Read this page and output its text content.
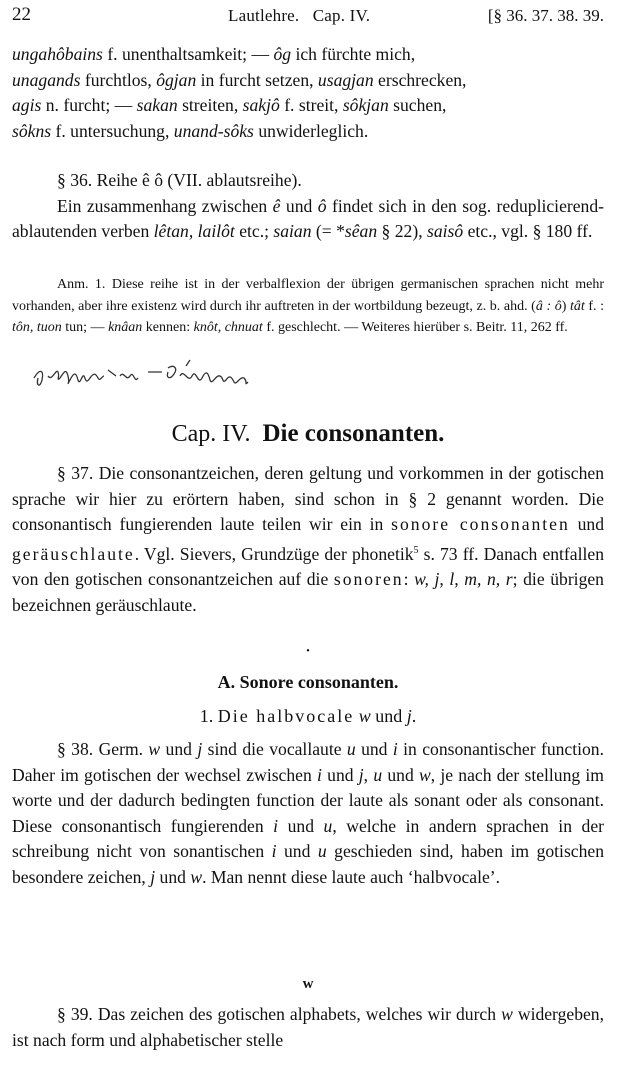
22	Lautlehre.   Cap. IV.	[§ 36. 37. 38. 39.

ungahôbains f. unenthaltsamkeit; — ôg ich fürchte mich,

unagands furchtlos, ôgjan in furcht setzen, usagjan erschrecken,

agis n. furcht; — sakan streiten, sakjô f. streit, sôkjan suchen,

sôkns f. untersuchung, unand-sôks unwiderleglich.

§ 36. Reihe ê ô (VII. ablautsreihe).

Ein zusammenhang zwischen ê und ô findet sich in den sog. reduplicierend-ablautenden verben lêtan, lailôt etc.; saian (= *sêan § 22), saisô etc., vgl. § 180 ff.

Anm. 1. Diese reihe ist in der verbalflexion der übrigen germanischen sprachen nicht mehr vorhanden, aber ihre existenz wird durch ihr auftreten in der wortbildung bezeugt, z. b. ahd. (â : ô) tât f. : tôn, tuon tun; — knâan kennen: knôt, chnuat f. geschlecht. — Weiteres hierüber s. Beitr. 11, 262 ff.

Cap. IV. Die consonanten.

§ 37. Die consonantzeichen, deren geltung und vorkommen in der gotischen sprache wir hier zu erörtern haben, sind schon in § 2 genannt worden. Die consonantisch fungierenden laute teilen wir ein in sonore consonanten und geräuschlaute. Vgl. Sievers, Grundzüge der phonetik$^5$ s. 73 ff. Danach entfallen von den gotischen consonantzeichen auf die sonoren: w, j, l, m, n, r; die übrigen bezeichnen geräuschlaute.

•
A. Sonore consonanten.
1. Die halbvocale w und j.

§ 38. Germ. w und j sind die vocallaute u und i in consonantischer function. Daher im gotischen der wechsel zwischen i und j, u und w, je nach der stellung im worte und der dadurch bedingten function der laute als sonant oder als consonant. Diese consonantisch fungierenden i und u, welche in andern sprachen in der schreibung nicht von sonantischen i und u geschieden sind, haben im gotischen besondere zeichen, j und w. Man nennt diese laute auch ‘halbvocale’.

w

§ 39. Das zeichen des gotischen alphabets, welches wir durch w widergeben, ist nach form und alphabetischer stelle
